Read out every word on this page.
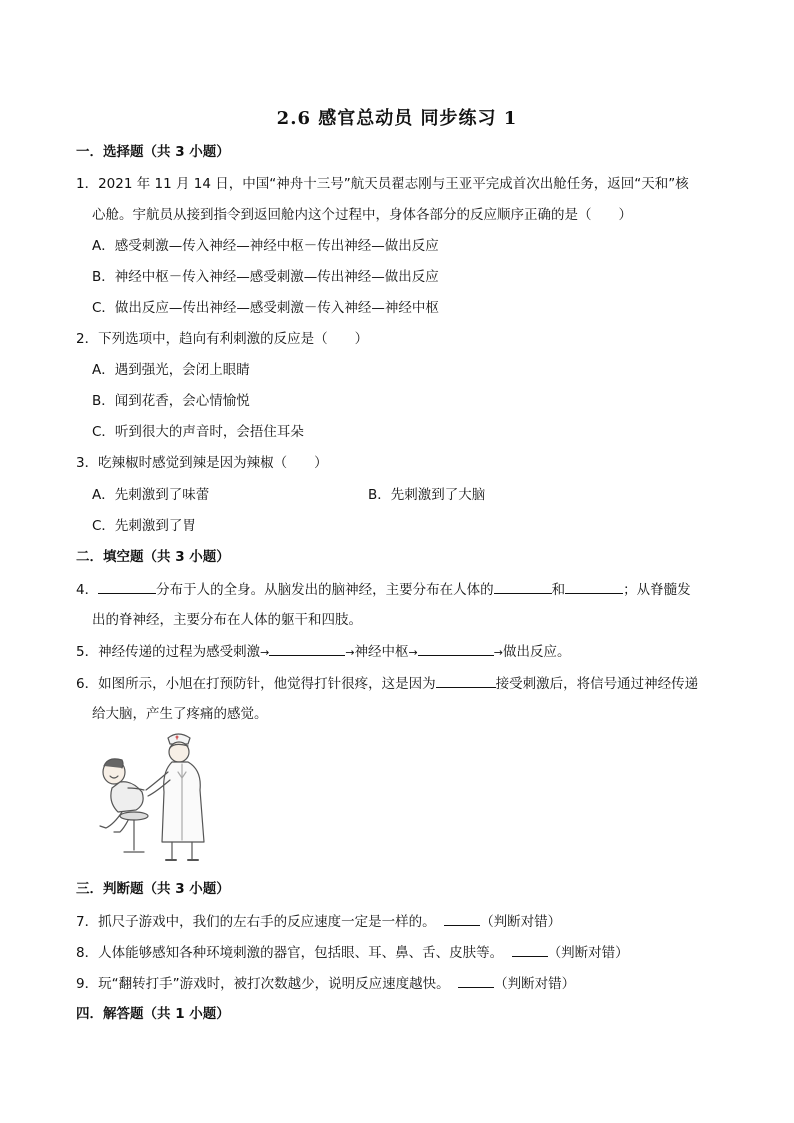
2.6 感官总动员 同步练习 1
一．选择题（共 3 小题）
1．2021 年 11 月 14 日，中国“神舟十三号”航天员翟志刚与王亚平完成首次出舱任务，返回“天和”核
心舱。宇航员从接到指令到返回舱内这个过程中，身体各部分的反应顺序正确的是（　　）
A．感受刺激—传入神经—神经中枢－传出神经—做出反应
B．神经中枢－传入神经—感受刺激—传出神经—做出反应
C．做出反应—传出神经—感受刺激－传入神经—神经中枢
2．下列选项中，趋向有利刺激的反应是（　　）
A．遇到强光，会闭上眼睛
B．闻到花香，会心情愉悦
C．听到很大的声音时，会捂住耳朵
3．吃辣椒时感觉到辣是因为辣椒（　　）
A．先刺激到了味蕾	B．先刺激到了大脑
C．先刺激到了胃
二．填空题（共 3 小题）
4．	分布于人的全身。从脑发出的脑神经，主要分布在人体的	和	；从脊髓发
出的脊神经，主要分布在人体的躯干和四肢。
5．神经传递的过程为感受刺激→	→神经中枢→	→做出反应。
6．如图所示，小旭在打预防针，他觉得打针很疼，这是因为	接受刺激后，将信号通过神经传递
给大脑，产生了疼痛的感觉。
三．判断题（共 3 小题）
7．抓尺子游戏中，我们的左右手的反应速度一定是一样的。	（判断对错）
8．人体能够感知各种环境刺激的器官，包括眼、耳、鼻、舌、皮肤等。	（判断对错）
9．玩“翻转打手”游戏时，被打次数越少，说明反应速度越快。	（判断对错）
四．解答题（共 1 小题）
